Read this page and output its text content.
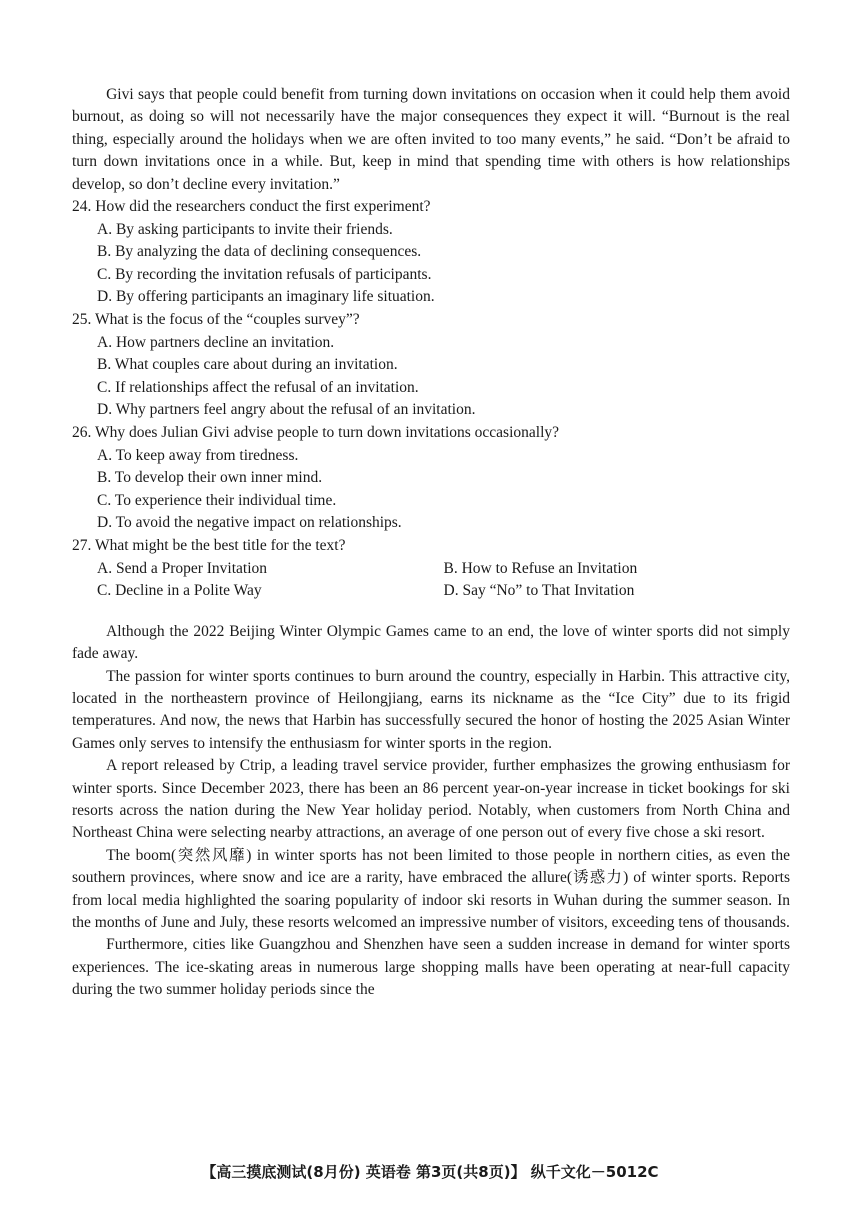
Givi says that people could benefit from turning down invitations on occasion when it could help them avoid burnout, as doing so will not necessarily have the major consequences they expect it will. “Burnout is the real thing, especially around the holidays when we are often invited to too many events,” he said. “Don’t be afraid to turn down invitations once in a while. But, keep in mind that spending time with others is how relationships develop, so don’t decline every invitation.”

24. How did the researchers conduct the first experiment?

A. By asking participants to invite their friends.

B. By analyzing the data of declining consequences.

C. By recording the invitation refusals of participants.

D. By offering participants an imaginary life situation.

25. What is the focus of the “couples survey”?

A. How partners decline an invitation.

B. What couples care about during an invitation.

C. If relationships affect the refusal of an invitation.

D. Why partners feel angry about the refusal of an invitation.

26. Why does Julian Givi advise people to turn down invitations occasionally?

A. To keep away from tiredness.

B. To develop their own inner mind.

C. To experience their individual time.

D. To avoid the negative impact on relationships.

27. What might be the best title for the text?

A. Send a Proper Invitation	B. How to Refuse an Invitation
C. Decline in a Polite Way	D. Say “No” to That Invitation

Although the 2022 Beijing Winter Olympic Games came to an end, the love of winter sports did not simply fade away.

The passion for winter sports continues to burn around the country, especially in Harbin. This attractive city, located in the northeastern province of Heilongjiang, earns its nickname as the “Ice City” due to its frigid temperatures. And now, the news that Harbin has successfully secured the honor of hosting the 2025 Asian Winter Games only serves to intensify the enthusiasm for winter sports in the region.

A report released by Ctrip, a leading travel service provider, further emphasizes the growing enthusiasm for winter sports. Since December 2023, there has been an 86 percent year-on-year increase in ticket bookings for ski resorts across the nation during the New Year holiday period. Notably, when customers from North China and Northeast China were selecting nearby attractions, an average of one person out of every five chose a ski resort.

The boom(突然风靡) in winter sports has not been limited to those people in northern cities, as even the southern provinces, where snow and ice are a rarity, have embraced the allure(诱惑力) of winter sports. Reports from local media highlighted the soaring popularity of indoor ski resorts in Wuhan during the summer season. In the months of June and July, these resorts welcomed an impressive number of visitors, exceeding tens of thousands.

Furthermore, cities like Guangzhou and Shenzhen have seen a sudden increase in demand for winter sports experiences. The ice-skating areas in numerous large shopping malls have been operating at near-full capacity during the two summer holiday periods since the

【高三摸底测试(8月份) 英语卷 第3页(共8页)】 纵千文化－5012C
